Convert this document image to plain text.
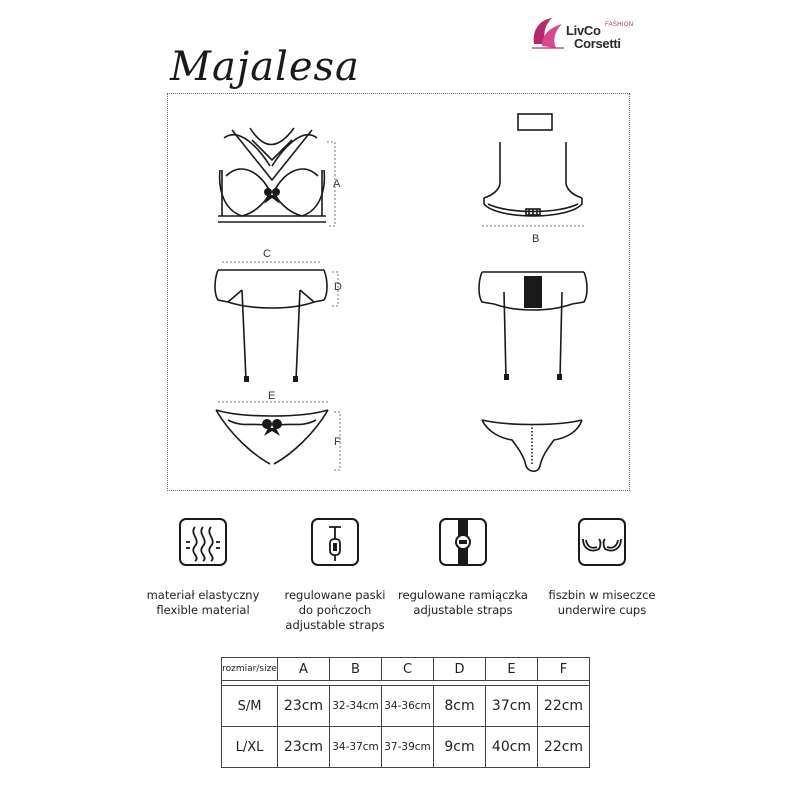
LivCo FASHION
Corsetti
Majalesa
A
B
C
D
E
F
materiał elastyczny
flexible material
regulowane paski
do pończoch
adjustable straps
regulowane ramiączka
adjustable straps
fiszbin w miseczce
underwire cups
rozmiar/size	A	B	C	D	E	F

S/M	23cm	32-34cm	34-36cm	8cm	37cm	22cm
L/XL	23cm	34-37cm	37-39cm	9cm	40cm	22cm
